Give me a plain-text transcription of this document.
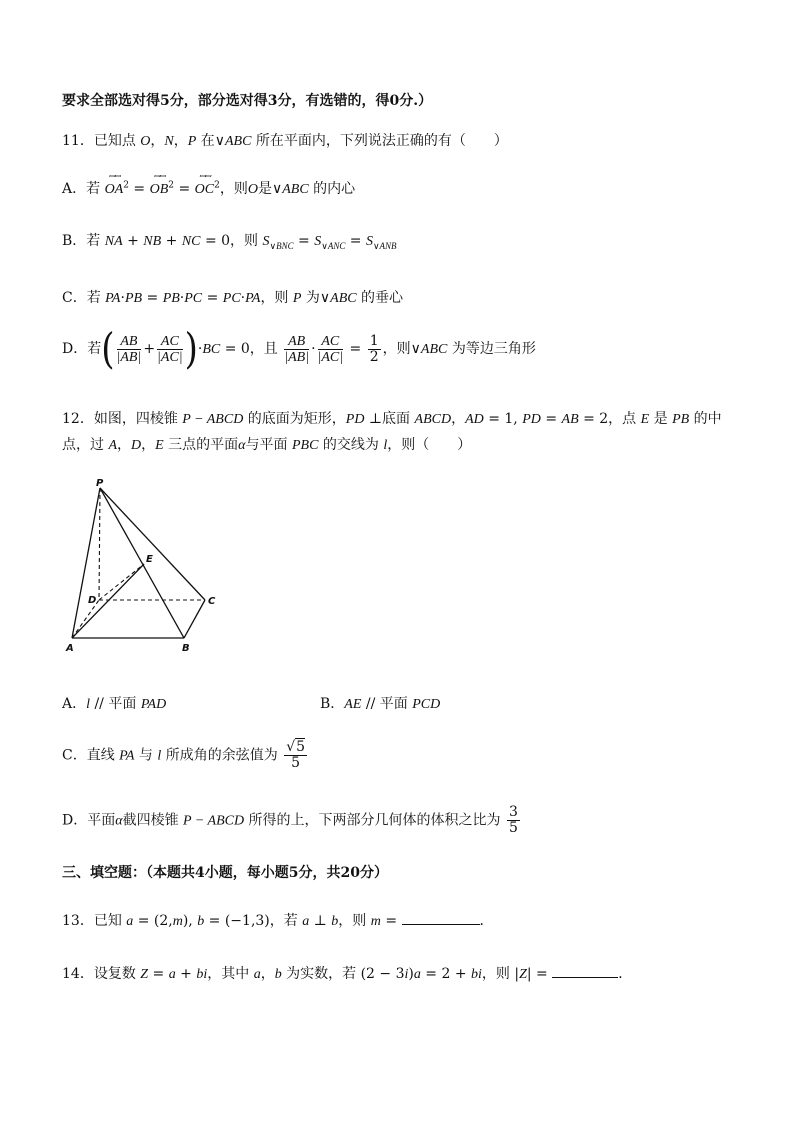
要求全部选对得5分，部分选对得3分，有选错的，得0分.）
11．已知点 O，N，P 在∨ABC 所在平面内，下列说法正确的有（　　）
A．若 OA
ꟷꟷ
$^2$ = OB
ꟷꟷ
$^2$ = OC
ꟷꟷ
$^2$，则O是∨ABC 的内心
B．若 NA + NB + NC = 0，则 $S_{\vee BNC} = S_{\vee ANC} = S_{\vee ANB}$
C．若 PA·PB = PB·PC = PC·PA，则 P 为∨ABC 的垂心
D．若( $\frac{AB}{|AB|} + \frac{AC}{|AC|} )\cdot BC = 0$，且 $\frac{AB}{|AB|} \cdot \frac{AC}{|AC|} = \frac{1}{2}$ ，则∨ABC 为等边三角形
12．如图，四棱锥 P − ABCD 的底面为矩形，PD ⊥底面 ABCD，AD = 1, PD = AB = 2，点 E 是 PB 的中
点，过 A，D，E 三点的平面α与平面 PBC 的交线为 l，则（　　）
P
E
D	C
A	B
A．l // 平面 PAD	B．AE // 平面 PCD
C．直线 PA 与 l 所成角的余弦值为 $\frac{√5}{5}$
D．平面α截四棱锥 P − ABCD 所得的上，下两部分几何体的体积之比为 $\frac{3}{5}$
三、填空题：（本题共4小题，每小题5分，共20分）
13．已知 a = (2,m), b = (−1,3)，若 a ⊥ b，则 m =	．
14．设复数 Z = a + bi，其中 a，b 为实数，若 (2 − 3i)a = 2 + bi，则 |Z| =	．
